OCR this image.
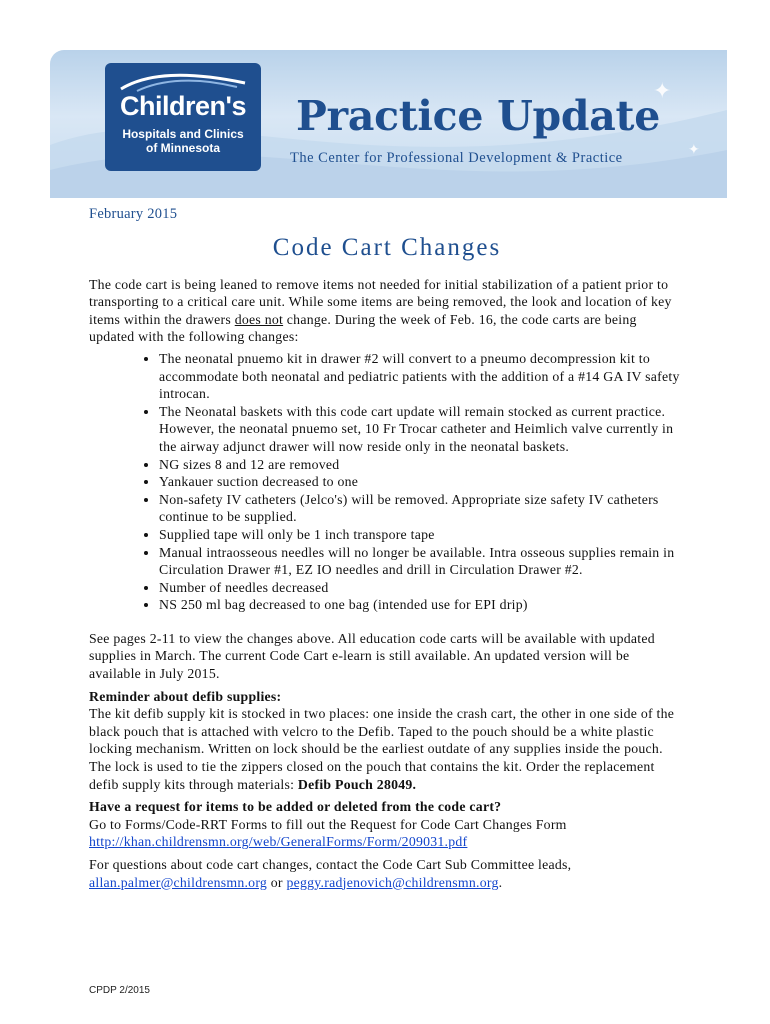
Children's
Hospitals and Clinics
of Minnesota
Practice Update
The Center for Professional Development & Practice
✦
✦
February 2015
Code Cart Changes

The code cart is being leaned to remove items not needed for initial stabilization of a patient prior to transporting to a critical care unit. While some items are being removed, the look and location of key items within the drawers does not change. During the week of Feb. 16, the code carts are being updated with the following changes:

• The neonatal pnuemo kit in drawer #2 will convert to a pneumo decompression kit to accommodate both neonatal and pediatric patients with the addition of a #14 GA IV safety introcan.
• The Neonatal baskets with this code cart update will remain stocked as current practice. However, the neonatal pnuemo set, 10 Fr Trocar catheter and Heimlich valve currently in the airway adjunct drawer will now reside only in the neonatal baskets.
• NG sizes 8 and 12 are removed
• Yankauer suction decreased to one
• Non-safety IV catheters (Jelco's) will be removed. Appropriate size safety IV catheters continue to be supplied.
• Supplied tape will only be 1 inch transpore tape
• Manual intraosseous needles will no longer be available. Intra osseous supplies remain in Circulation Drawer #1, EZ IO needles and drill in Circulation Drawer #2.
• Number of needles decreased
• NS 250 ml bag decreased to one bag (intended use for EPI drip)

See pages 2-11 to view the changes above. All education code carts will be available with updated supplies in March. The current Code Cart e-learn is still available. An updated version will be available in July 2015.

Reminder about defib supplies:

The kit defib supply kit is stocked in two places: one inside the crash cart, the other in one side of the black pouch that is attached with velcro to the Defib. Taped to the pouch should be a white plastic locking mechanism. Written on lock should be the earliest outdate of any supplies inside the pouch. The lock is used to tie the zippers closed on the pouch that contains the kit. Order the replacement defib supply kits through materials: Defib Pouch 28049.

Have a request for items to be added or deleted from the code cart?

Go to Forms/Code-RRT Forms to fill out the Request for Code Cart Changes Form

http://khan.childrensmn.org/web/GeneralForms/Form/209031.pdf

For questions about code cart changes, contact the Code Cart Sub Committee leads, allan.palmer@childrensmn.org or peggy.radjenovich@childrensmn.org.

CPDP 2/2015
